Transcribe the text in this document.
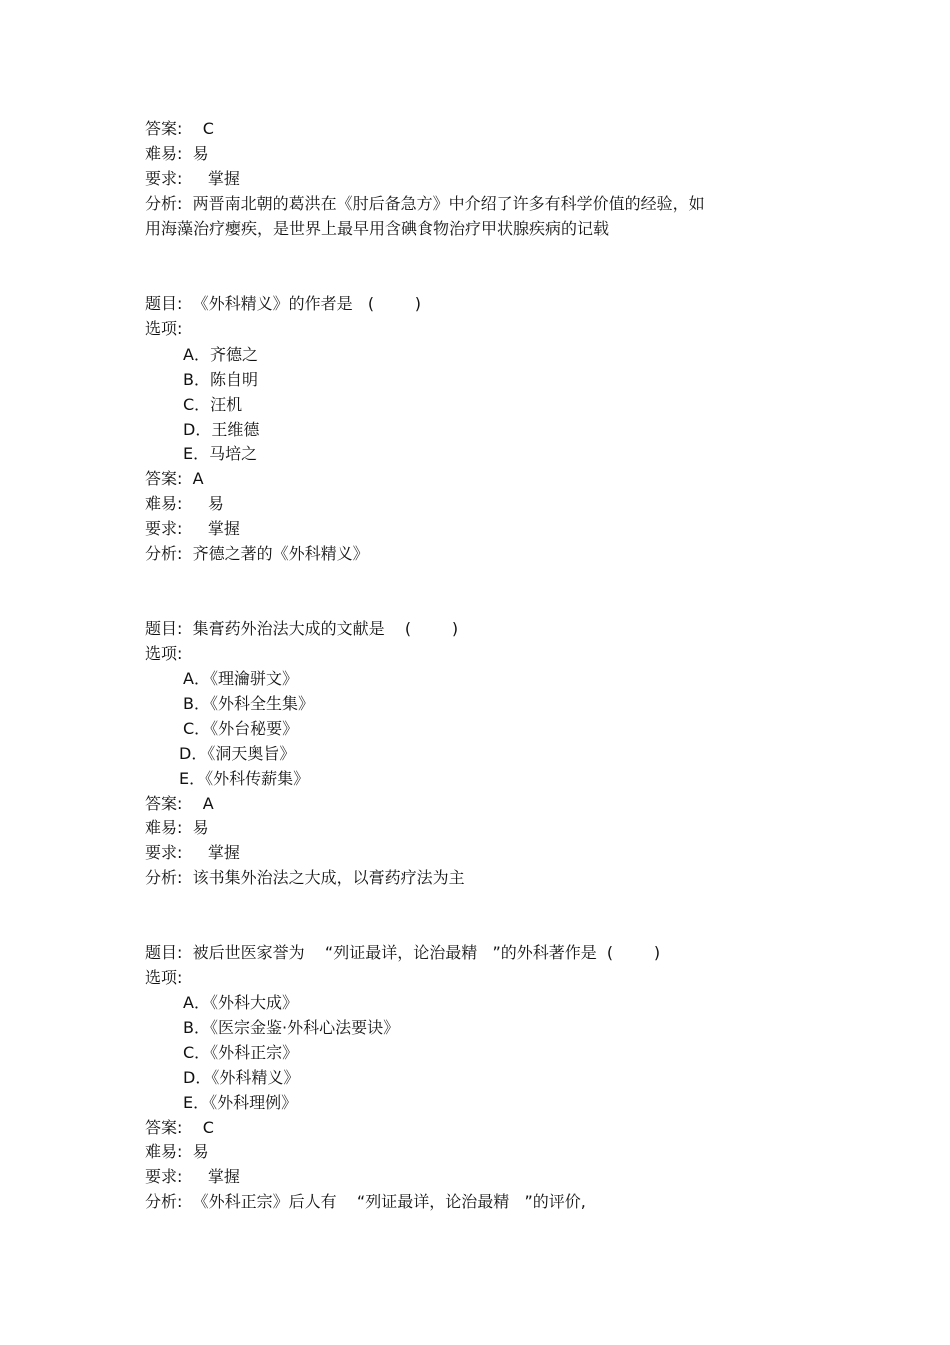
答案:    C
难易:  易
要求:     掌握
分析:  两晋南北朝的葛洪在《肘后备急方》中介绍了许多有科学价值的经验，如
用海藻治疗瘿疾，是世界上最早用含碘食物治疗甲状腺疾病的记载
题目:  《外科精义》的作者是   (        )
选项:
A．齐德之
B．陈自明
C．汪机
D．王维德
E．马培之
答案:  A
难易:     易
要求:     掌握
分析:  齐德之著的《外科精义》
题目:  集膏药外治法大成的文献是    (        )
选项:
A．《理瀹骈文》
B．《外科全生集》
C．《外台秘要》
D．《洞天奥旨》
E．《外科传薪集》
答案:    A
难易:  易
要求:     掌握
分析:  该书集外治法之大成，以膏药疗法为主
题目:  被后世医家誉为    “列证最详，论治最精   ”的外科著作是  (        )
选项:
A．《外科大成》
B．《医宗金鉴·外科心法要诀》
C．《外科正宗》
D．《外科精义》
E．《外科理例》
答案:    C
难易:  易
要求:     掌握
分析:  《外科正宗》后人有    “列证最详，论治最精   ”的评价,
